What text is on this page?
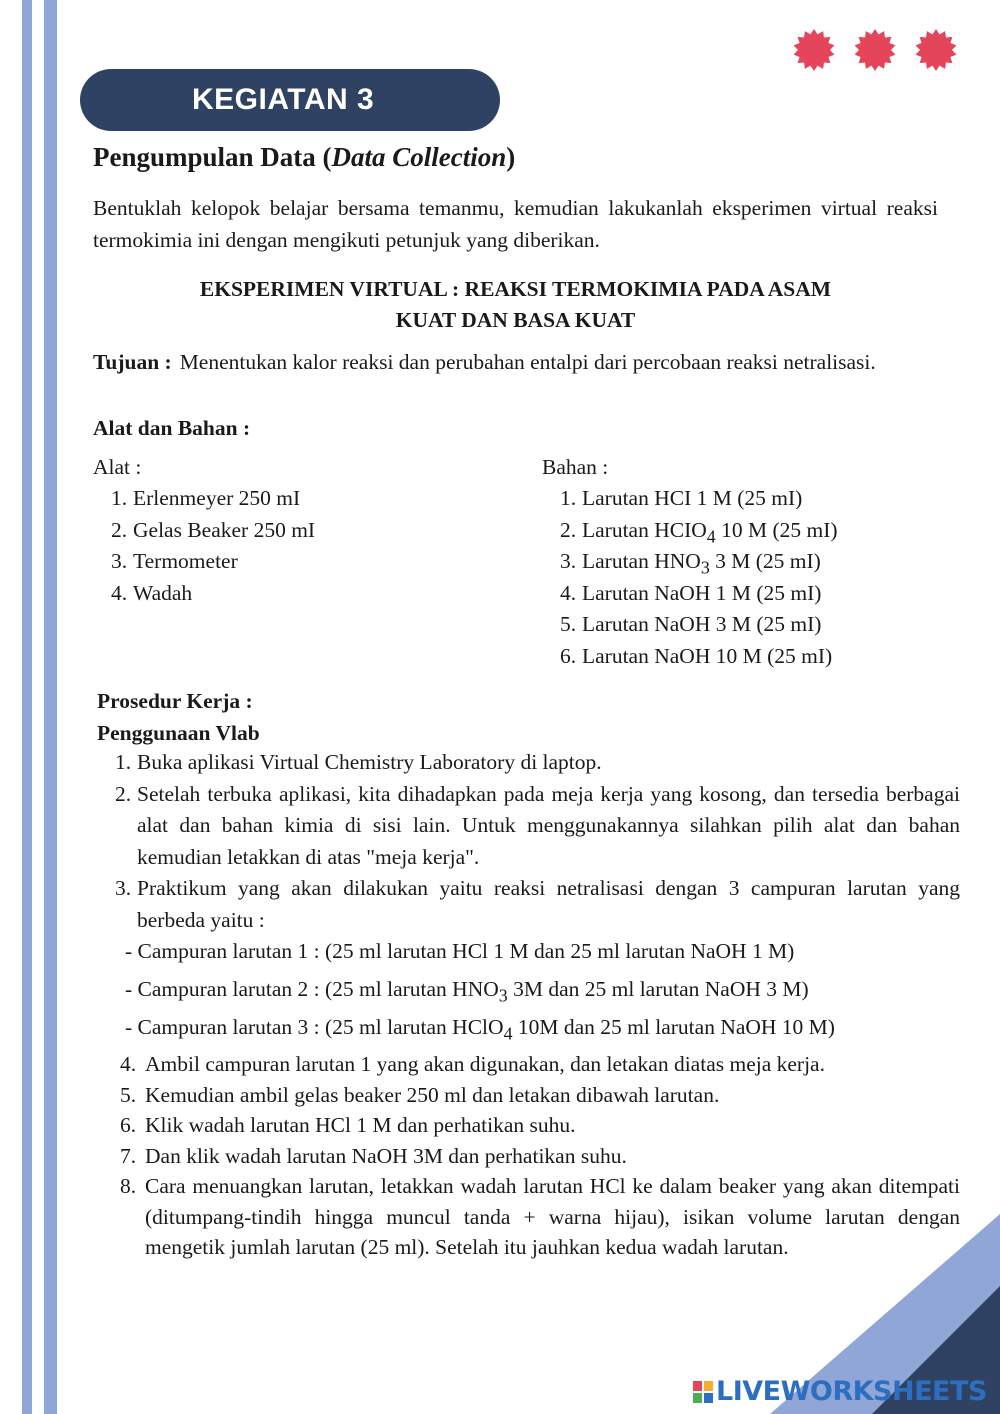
KEGIATAN 3
Pengumpulan Data (Data Collection)
Bentuklah kelopok belajar bersama temanmu, kemudian lakukanlah eksperimen virtual reaksi termokimia ini dengan mengikuti petunjuk yang diberikan.
EKSPERIMEN VIRTUAL : REAKSI TERMOKIMIA PADA ASAM
KUAT DAN BASA KUAT
Tujuan : Menentukan kalor reaksi dan perubahan entalpi dari percobaan reaksi netralisasi.
Alat dan Bahan :
Alat :
1. Erlenmeyer 250 mI
2. Gelas Beaker 250 mI
3. Termometer
4. Wadah
Bahan :
1. Larutan HCI 1 M (25 mI)
2. Larutan $HCIO_4$ 10 M (25 mI)
3. Larutan $HNO_3$ 3 M (25 mI)
4. Larutan NaOH 1 M (25 mI)
5. Larutan NaOH 3 M (25 mI)
6. Larutan NaOH 10 M (25 mI)
Prosedur Kerja :
Penggunaan Vlab
1. Buka aplikasi Virtual Chemistry Laboratory di laptop.
2. Setelah terbuka aplikasi, kita dihadapkan pada meja kerja yang kosong, dan tersedia berbagai alat dan bahan kimia di sisi lain. Untuk menggunakannya silahkan pilih alat dan bahan kemudian letakkan di atas "meja kerja".
3. Praktikum yang akan dilakukan yaitu reaksi netralisasi dengan 3 campuran larutan yang berbeda yaitu :
- Campuran larutan 1 : (25 ml larutan HCl 1 M dan 25 ml larutan NaOH 1 M)
- Campuran larutan 2 : (25 ml larutan $HNO_3$ 3M dan 25 ml larutan NaOH 3 M)
- Campuran larutan 3 : (25 ml larutan HClO$_4$ 10M dan 25 ml larutan NaOH 10 M)
4. Ambil campuran larutan 1 yang akan digunakan, dan letakan diatas meja kerja.
5. Kemudian ambil gelas beaker 250 ml dan letakan dibawah larutan.
6. Klik wadah larutan HCl 1 M dan perhatikan suhu.
7. Dan klik wadah larutan NaOH 3M dan perhatikan suhu.
8. Cara menuangkan larutan, letakkan wadah larutan HCl ke dalam beaker yang akan ditempati (ditumpang-tindih hingga muncul tanda + warna hijau), isikan volume larutan dengan mengetik jumlah larutan (25 ml). Setelah itu jauhkan kedua wadah larutan.
LIVEWORKSHEETS
